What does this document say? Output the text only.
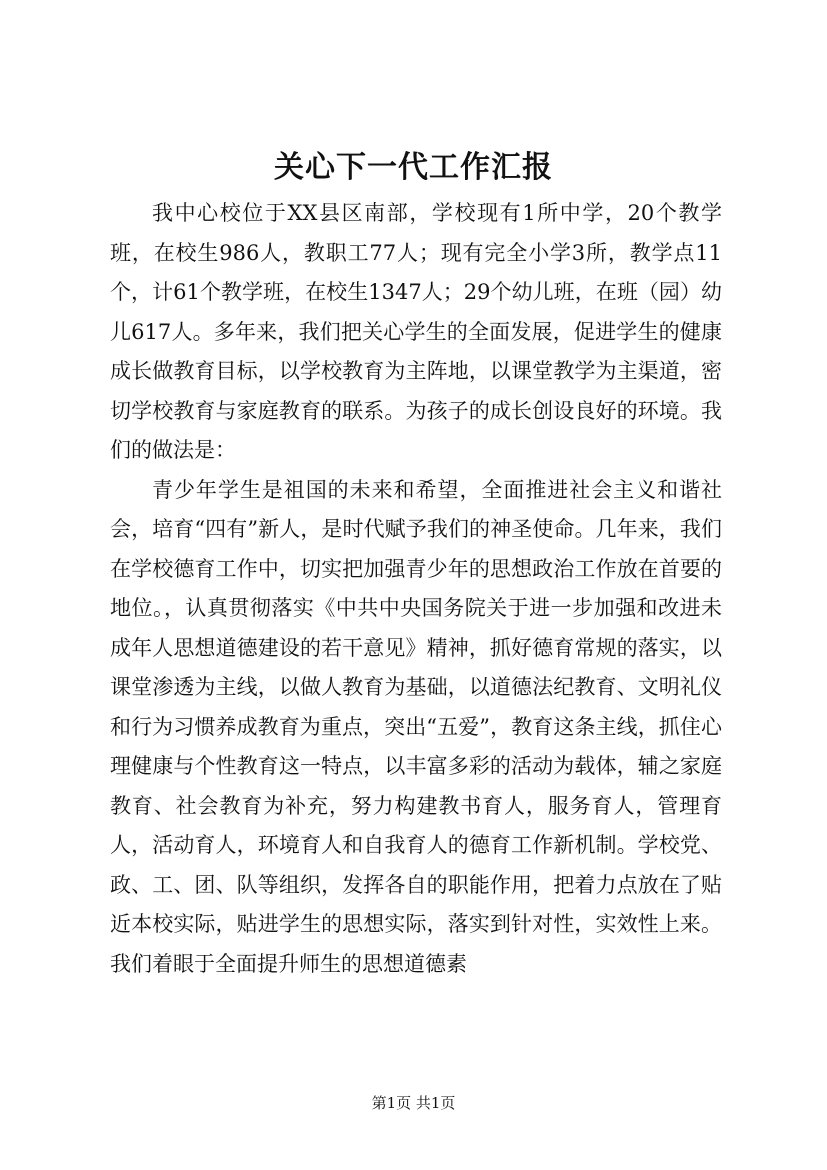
关心下一代工作汇报

我中心校位于XX县区南部，学校现有1所中学，20个教学班，在校生986人，教职工77人；现有完全小学3所，教学点11个，计61个教学班，在校生1347人；29个幼儿班，在班（园）幼儿617人。多年来，我们把关心学生的全面发展，促进学生的健康成长做教育目标，以学校教育为主阵地，以课堂教学为主渠道，密切学校教育与家庭教育的联系。为孩子的成长创设良好的环境。我们的做法是：

青少年学生是祖国的未来和希望，全面推进社会主义和谐社会，培育“四有”新人，是时代赋予我们的神圣使命。几年来，我们在学校德育工作中，切实把加强青少年的思想政治工作放在首要的地位。，认真贯彻落实《中共中央国务院关于进一步加强和改进未成年人思想道德建设的若干意见》精神，抓好德育常规的落实，以课堂渗透为主线，以做人教育为基础，以道德法纪教育、文明礼仪和行为习惯养成教育为重点，突出“五爱”，教育这条主线，抓住心理健康与个性教育这一特点，以丰富多彩的活动为载体，辅之家庭教育、社会教育为补充，努力构建教书育人，服务育人，管理育人，活动育人，环境育人和自我育人的德育工作新机制。学校党、政、工、团、队等组织，发挥各自的职能作用，把着力点放在了贴近本校实际，贴进学生的思想实际，落实到针对性，实效性上来。我们着眼于全面提升师生的思想道德素

第1页 共1页
